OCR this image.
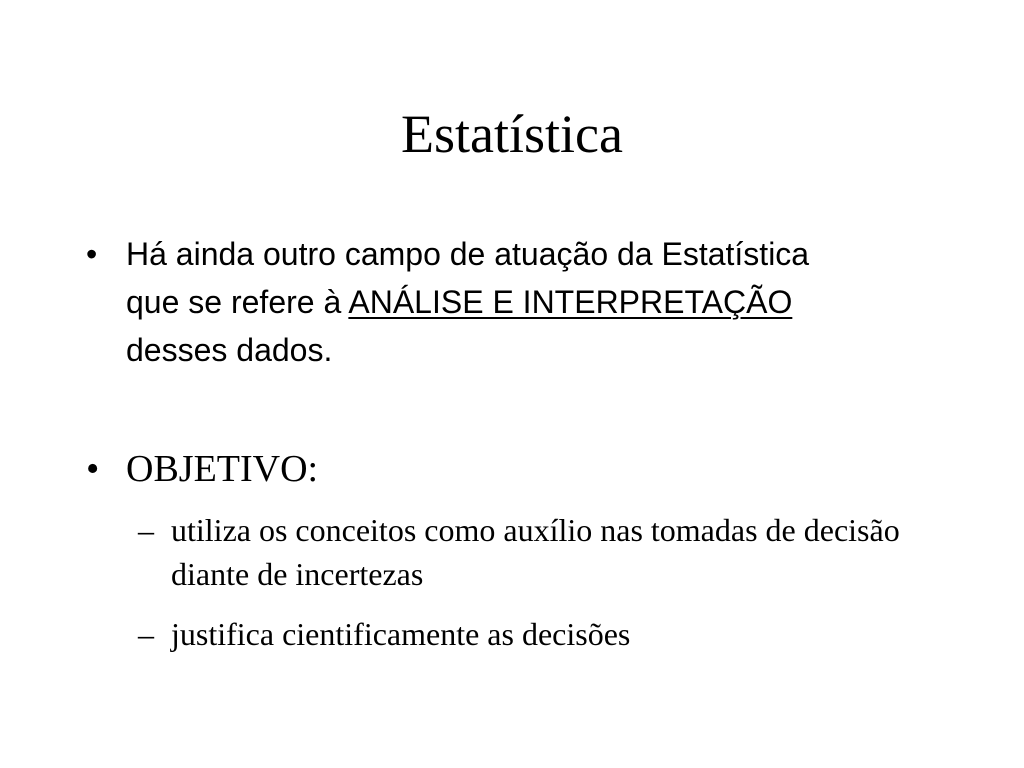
Estatística
• Há ainda outro campo de atuação da Estatística que se refere à ANÁLISE E INTERPRETAÇÃO desses dados.
• OBJETIVO:
– utiliza os conceitos como auxílio nas tomadas de decisão diante de incertezas
– justifica cientificamente as decisões
